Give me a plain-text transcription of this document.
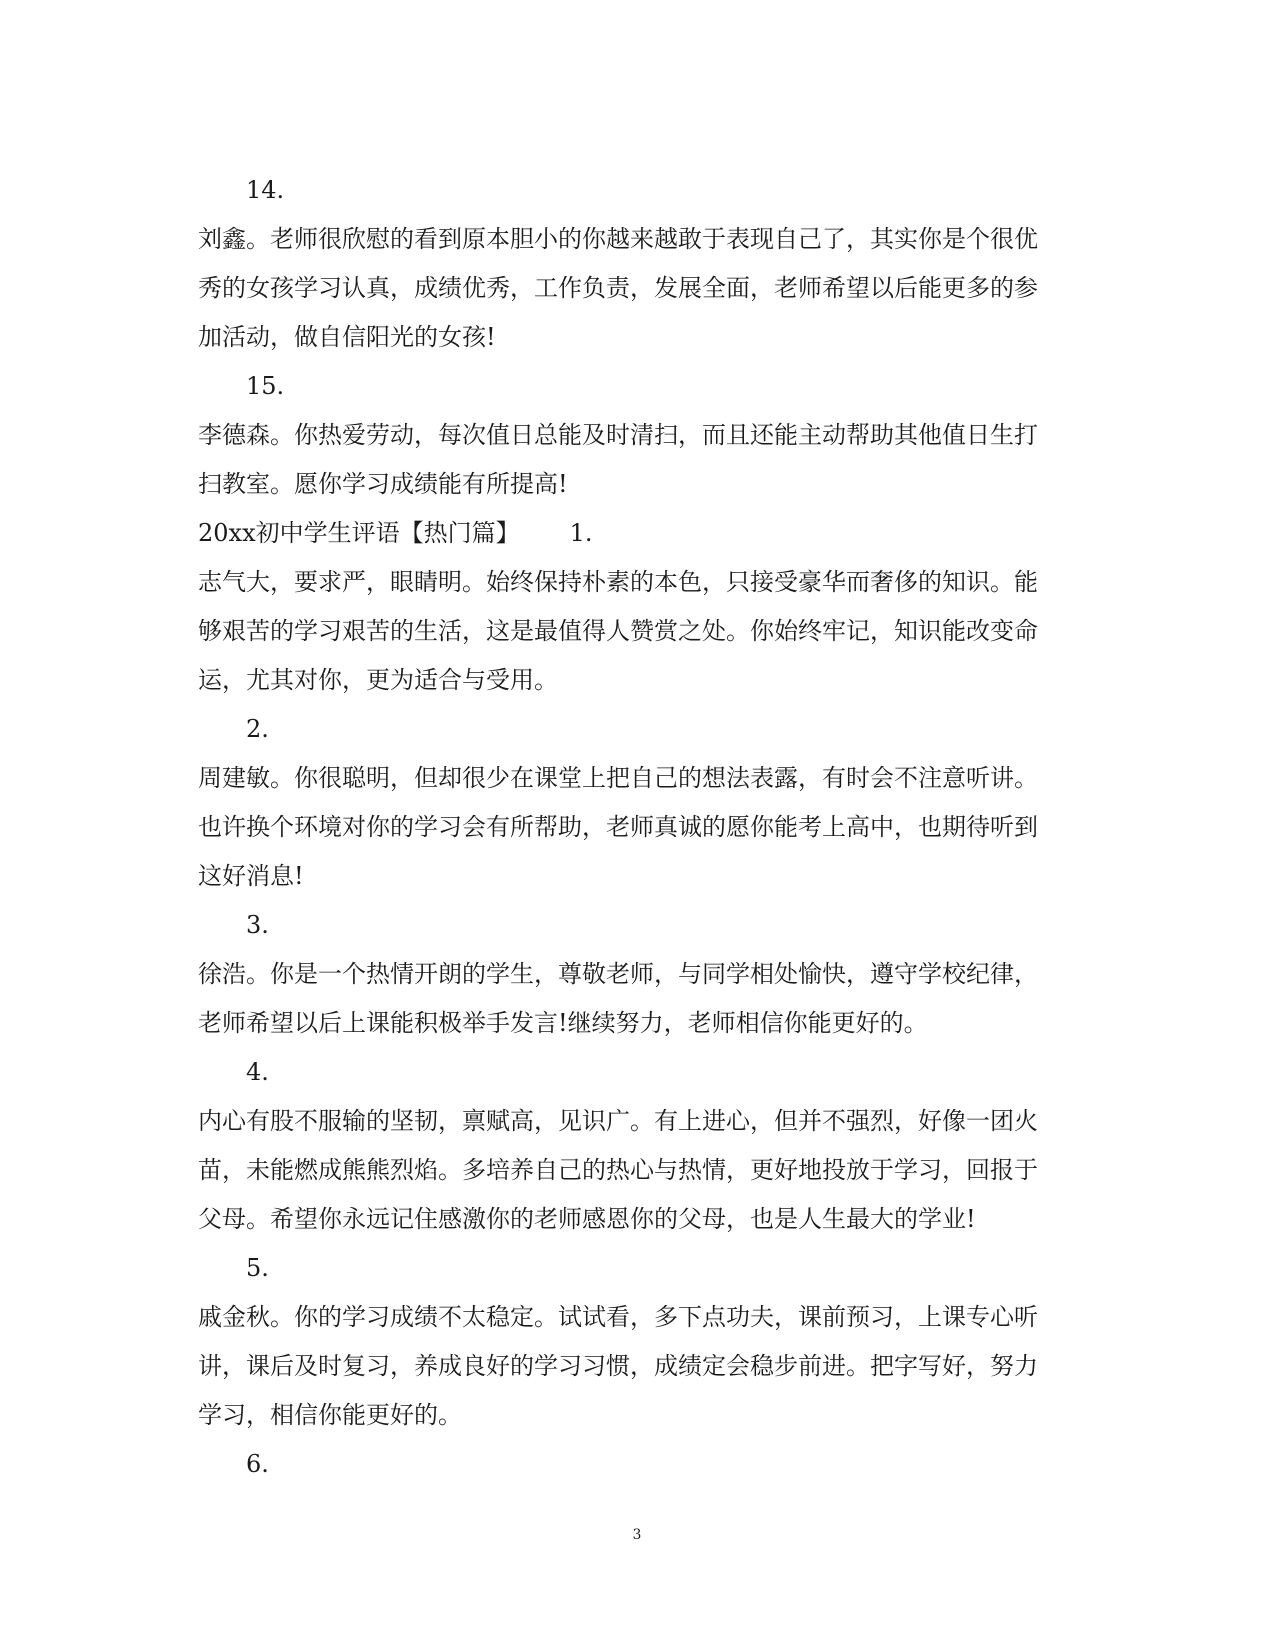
14.
刘鑫。老师很欣慰的看到原本胆小的你越来越敢于表现自己了，其实你是个很优
秀的女孩学习认真，成绩优秀，工作负责，发展全面，老师希望以后能更多的参
加活动，做自信阳光的女孩!
15.
李德森。你热爱劳动，每次值日总能及时清扫，而且还能主动帮助其他值日生打
扫教室。愿你学习成绩能有所提高!
20xx初中学生评语【热门篇】 1.
志气大，要求严，眼睛明。始终保持朴素的本色，只接受豪华而奢侈的知识。能
够艰苦的学习艰苦的生活，这是最值得人赞赏之处。你始终牢记，知识能改变命
运，尤其对你，更为适合与受用。
2.
周建敏。你很聪明，但却很少在课堂上把自己的想法表露，有时会不注意听讲。
也许换个环境对你的学习会有所帮助，老师真诚的愿你能考上高中，也期待听到
这好消息!
3.
徐浩。你是一个热情开朗的学生，尊敬老师，与同学相处愉快，遵守学校纪律，
老师希望以后上课能积极举手发言!继续努力，老师相信你能更好的。
4.
内心有股不服输的坚韧，禀赋高，见识广。有上进心，但并不强烈，好像一团火
苗，未能燃成熊熊烈焰。多培养自己的热心与热情，更好地投放于学习，回报于
父母。希望你永远记住感激你的老师感恩你的父母，也是人生最大的学业!
5.
戚金秋。你的学习成绩不太稳定。试试看，多下点功夫，课前预习，上课专心听
讲，课后及时复习，养成良好的学习习惯，成绩定会稳步前进。把字写好，努力
学习，相信你能更好的。
6.
3
